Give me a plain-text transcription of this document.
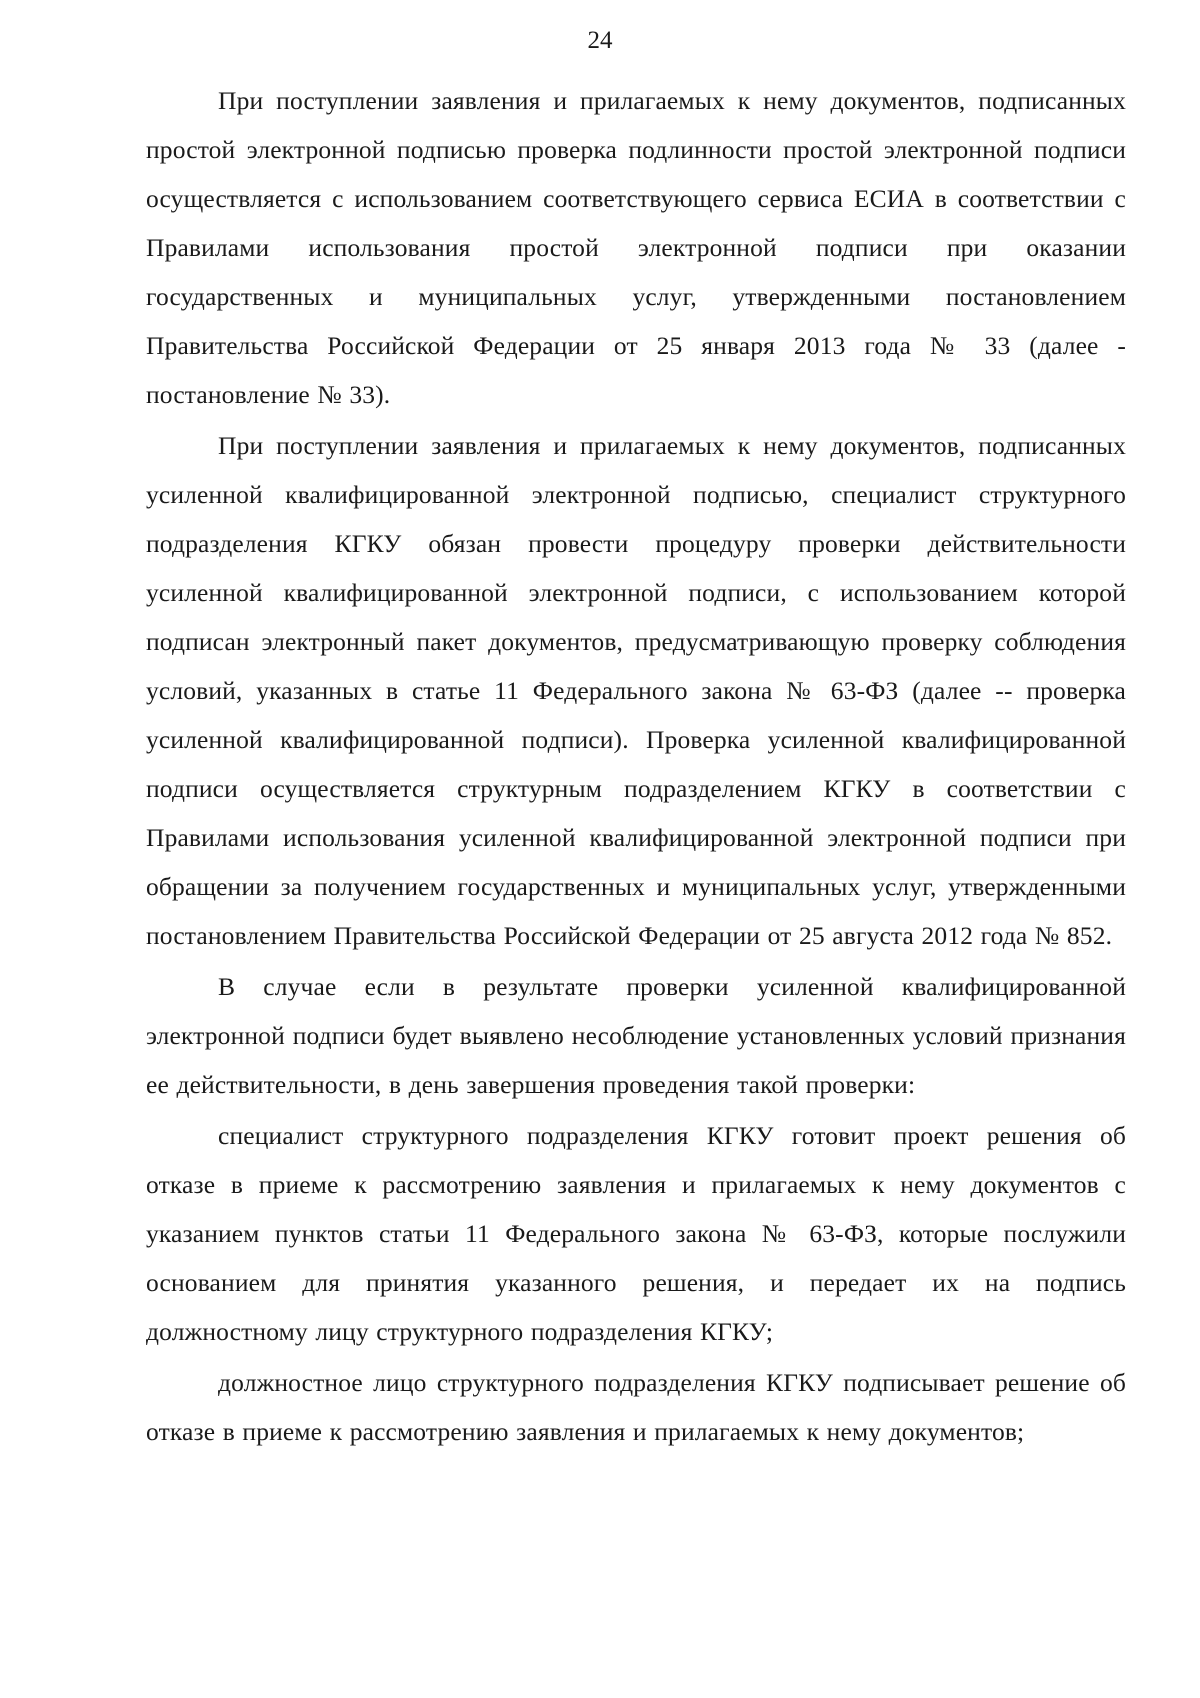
24

При поступлении заявления и прилагаемых к нему документов, подписанных простой электронной подписью проверка подлинности простой электронной подписи осуществляется с использованием соответствующего сервиса ЕСИА в соответствии с Правилами использования простой электронной подписи при оказании государственных и муниципальных услуг, утвержденными постановлением Правительства Российской Федерации от 25 января 2013 года № 33 (далее - постановление № 33).

При поступлении заявления и прилагаемых к нему документов, подписанных усиленной квалифицированной электронной подписью, специалист структурного подразделения КГКУ обязан провести процедуру проверки действительности усиленной квалифицированной электронной подписи, с использованием которой подписан электронный пакет документов, предусматривающую проверку соблюдения условий, указанных в статье 11 Федерального закона № 63-ФЗ (далее -- проверка усиленной квалифицированной подписи). Проверка усиленной квалифицированной подписи осуществляется структурным подразделением КГКУ в соответствии с Правилами использования усиленной квалифицированной электронной подписи при обращении за получением государственных и муниципальных услуг, утвержденными постановлением Правительства Российской Федерации от 25 августа 2012 года № 852.

В случае если в результате проверки усиленной квалифицированной электронной подписи будет выявлено несоблюдение установленных условий признания ее действительности, в день завершения проведения такой проверки:

специалист структурного подразделения КГКУ готовит проект решения об отказе в приеме к рассмотрению заявления и прилагаемых к нему документов с указанием пунктов статьи 11 Федерального закона № 63-ФЗ, которые послужили основанием для принятия указанного решения, и передает их на подпись должностному лицу структурного подразделения КГКУ;

должностное лицо структурного подразделения КГКУ подписывает решение об отказе в приеме к рассмотрению заявления и прилагаемых к нему документов;
